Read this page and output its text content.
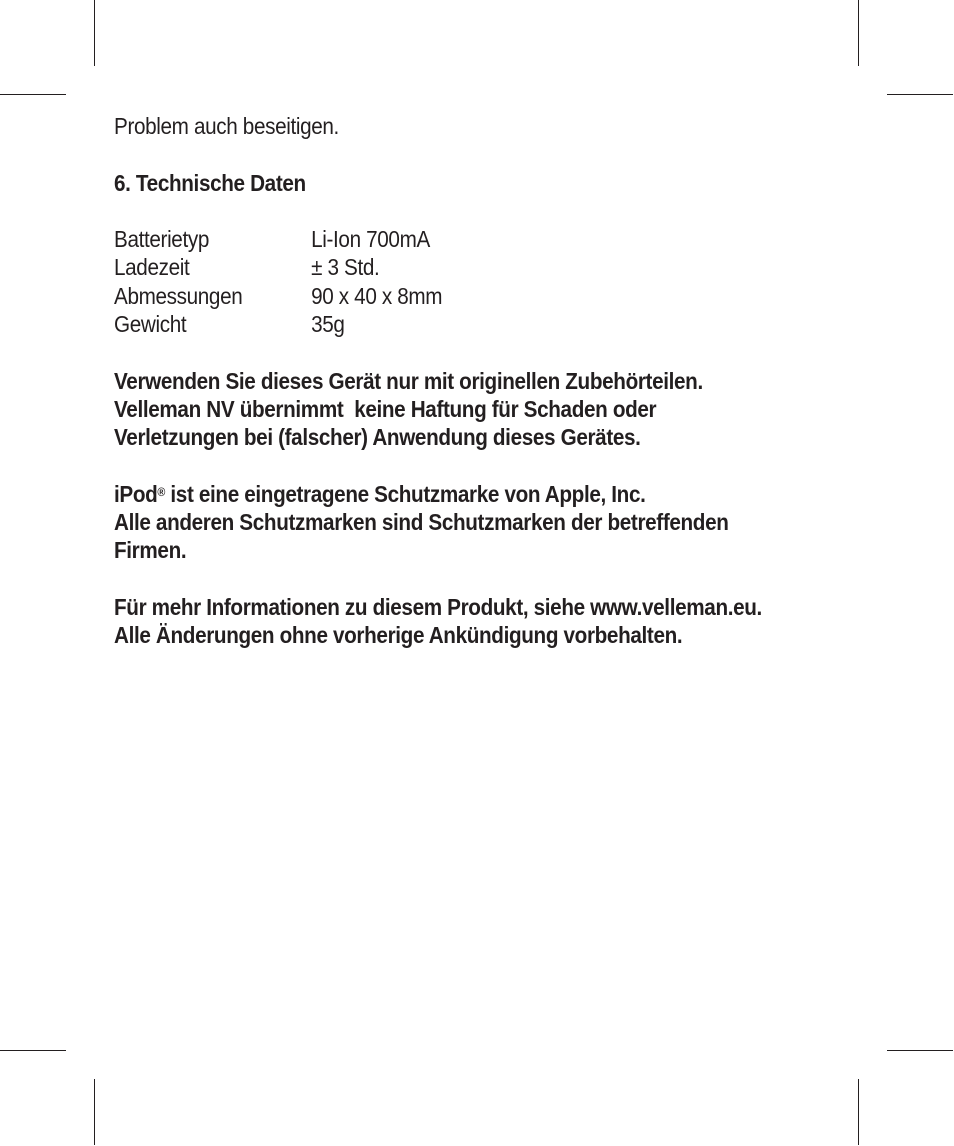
Problem auch beseitigen.

6. Technische Daten

Batterietyp	Li-Ion 700mA
Ladezeit	± 3 Std.
Abmessungen	90 x 40 x 8mm
Gewicht	35g

Verwenden Sie dieses Gerät nur mit originellen Zubehörteilen.

Velleman NV übernimmt  keine Haftung für Schaden oder

Verletzungen bei (falscher) Anwendung dieses Gerätes.

iPod® ist eine eingetragene Schutzmarke von Apple, Inc.

Alle anderen Schutzmarken sind Schutzmarken der betreffenden

Firmen.

Für mehr Informationen zu diesem Produkt, siehe www.velleman.eu.

Alle Änderungen ohne vorherige Ankündigung vorbehalten.
